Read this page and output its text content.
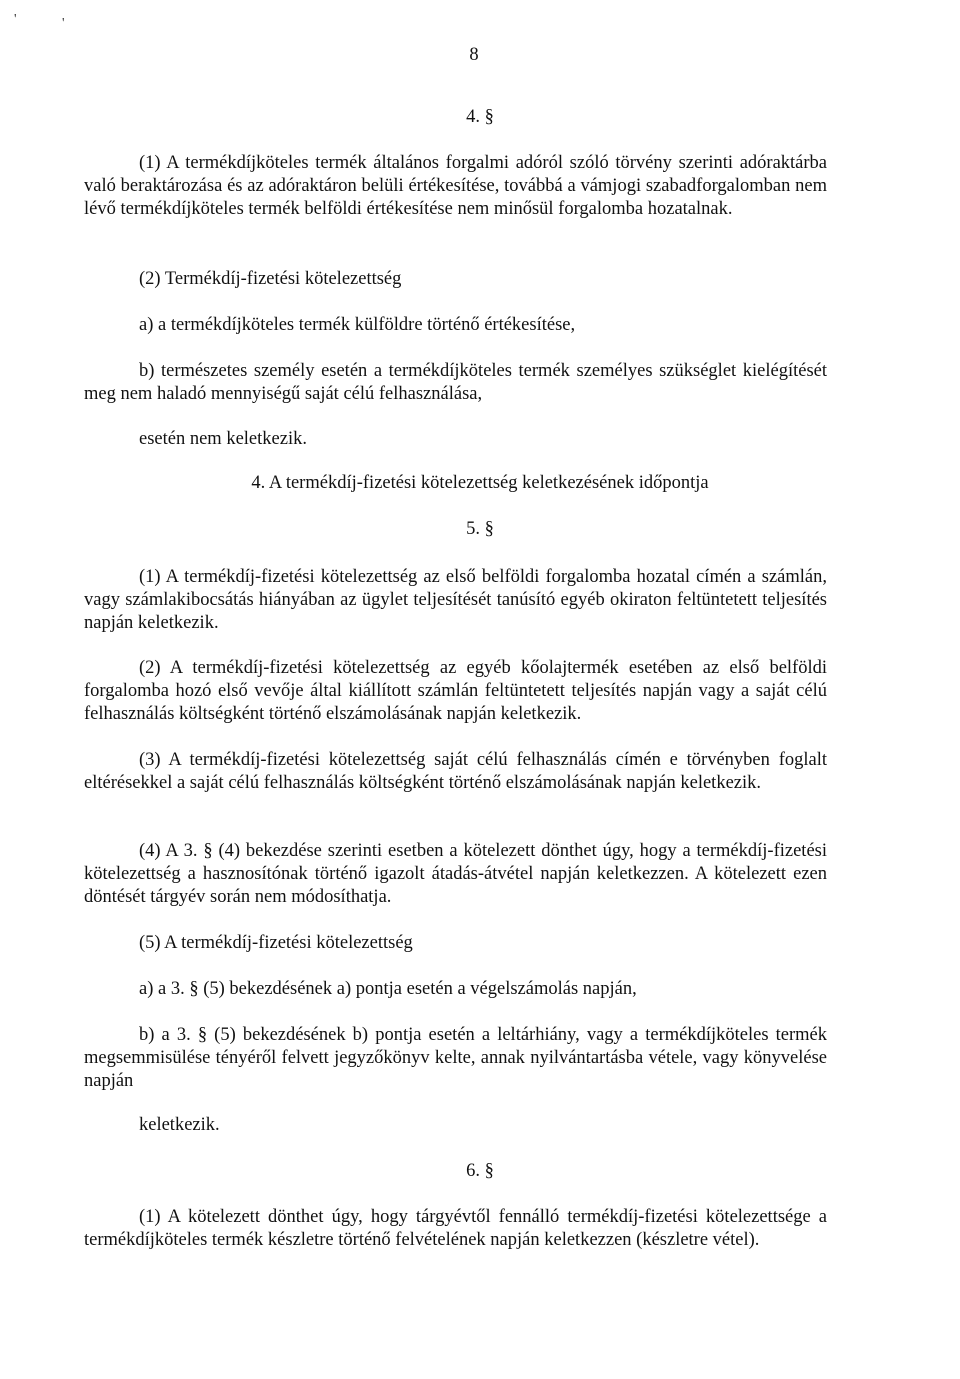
'	'
8
4. §
(1) A termékdíjköteles termék általános forgalmi adóról szóló törvény szerinti adóraktárba való beraktározása és az adóraktáron belüli értékesítése, továbbá a vámjogi szabadforgalomban nem lévő termékdíjköteles termék belföldi értékesítése nem minősül forgalomba hozatalnak.
(2) Termékdíj-fizetési kötelezettség
a) a termékdíjköteles termék külföldre történő értékesítése,
b) természetes személy esetén a termékdíjköteles termék személyes szükséglet kielégítését meg nem haladó mennyiségű saját célú felhasználása,
esetén nem keletkezik.
4. A termékdíj-fizetési kötelezettség keletkezésének időpontja
5. §
(1) A termékdíj-fizetési kötelezettség az első belföldi forgalomba hozatal címén a számlán, vagy számlakibocsátás hiányában az ügylet teljesítését tanúsító egyéb okiraton feltüntetett teljesítés napján keletkezik.
(2) A termékdíj-fizetési kötelezettség az egyéb kőolajtermék esetében az első belföldi forgalomba hozó első vevője által kiállított számlán feltüntetett teljesítés napján vagy a saját célú felhasználás költségként történő elszámolásának napján keletkezik.
(3) A termékdíj-fizetési kötelezettség saját célú felhasználás címén e törvényben foglalt eltérésekkel a saját célú felhasználás költségként történő elszámolásának napján keletkezik.
(4) A 3. § (4) bekezdése szerinti esetben a kötelezett dönthet úgy, hogy a termékdíj-fizetési kötelezettség a hasznosítónak történő igazolt átadás-átvétel napján keletkezzen. A kötelezett ezen döntését tárgyév során nem módosíthatja.
(5) A termékdíj-fizetési kötelezettség
a) a 3. § (5) bekezdésének a) pontja esetén a végelszámolás napján,
b) a 3. § (5) bekezdésének b) pontja esetén a leltárhiány, vagy a termékdíjköteles termék megsemmisülése tényéről felvett jegyzőkönyv kelte, annak nyilvántartásba vétele, vagy könyvelése napján
keletkezik.
6. §
(1) A kötelezett dönthet úgy, hogy tárgyévtől fennálló termékdíj-fizetési kötelezettsége a termékdíjköteles termék készletre történő felvételének napján keletkezzen (készletre vétel).
